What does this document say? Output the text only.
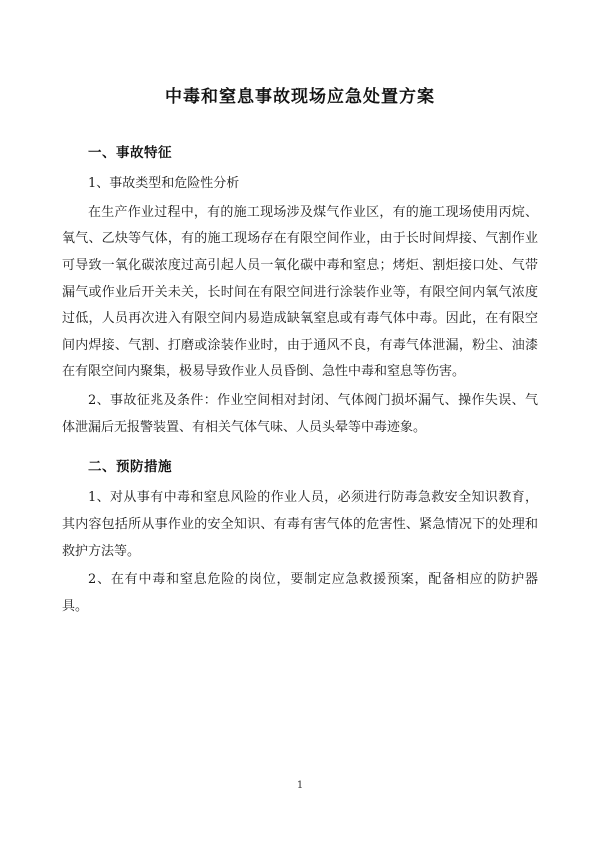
中毒和窒息事故现场应急处置方案
一、事故特征

1、事故类型和危险性分析

在生产作业过程中，有的施工现场涉及煤气作业区，有的施工现场使用丙烷、氧气、乙炔等气体，有的施工现场存在有限空间作业，由于长时间焊接、气割作业可导致一氧化碳浓度过高引起人员一氧化碳中毒和窒息；烤炬、割炬接口处、气带漏气或作业后开关未关，长时间在有限空间进行涂装作业等，有限空间内氧气浓度过低，人员再次进入有限空间内易造成缺氧窒息或有毒气体中毒。因此，在有限空间内焊接、气割、打磨或涂装作业时，由于通风不良，有毒气体泄漏，粉尘、油漆在有限空间内聚集，极易导致作业人员昏倒、急性中毒和窒息等伤害。

2、事故征兆及条件：作业空间相对封闭、气体阀门损坏漏气、操作失误、气体泄漏后无报警装置、有相关气体气味、人员头晕等中毒迹象。

二、预防措施

1、对从事有中毒和窒息风险的作业人员，必须进行防毒急救安全知识教育，其内容包括所从事作业的安全知识、有毒有害气体的危害性、紧急情况下的处理和救护方法等。

2、在有中毒和窒息危险的岗位，要制定应急救援预案，配备相应的防护器具。

1
